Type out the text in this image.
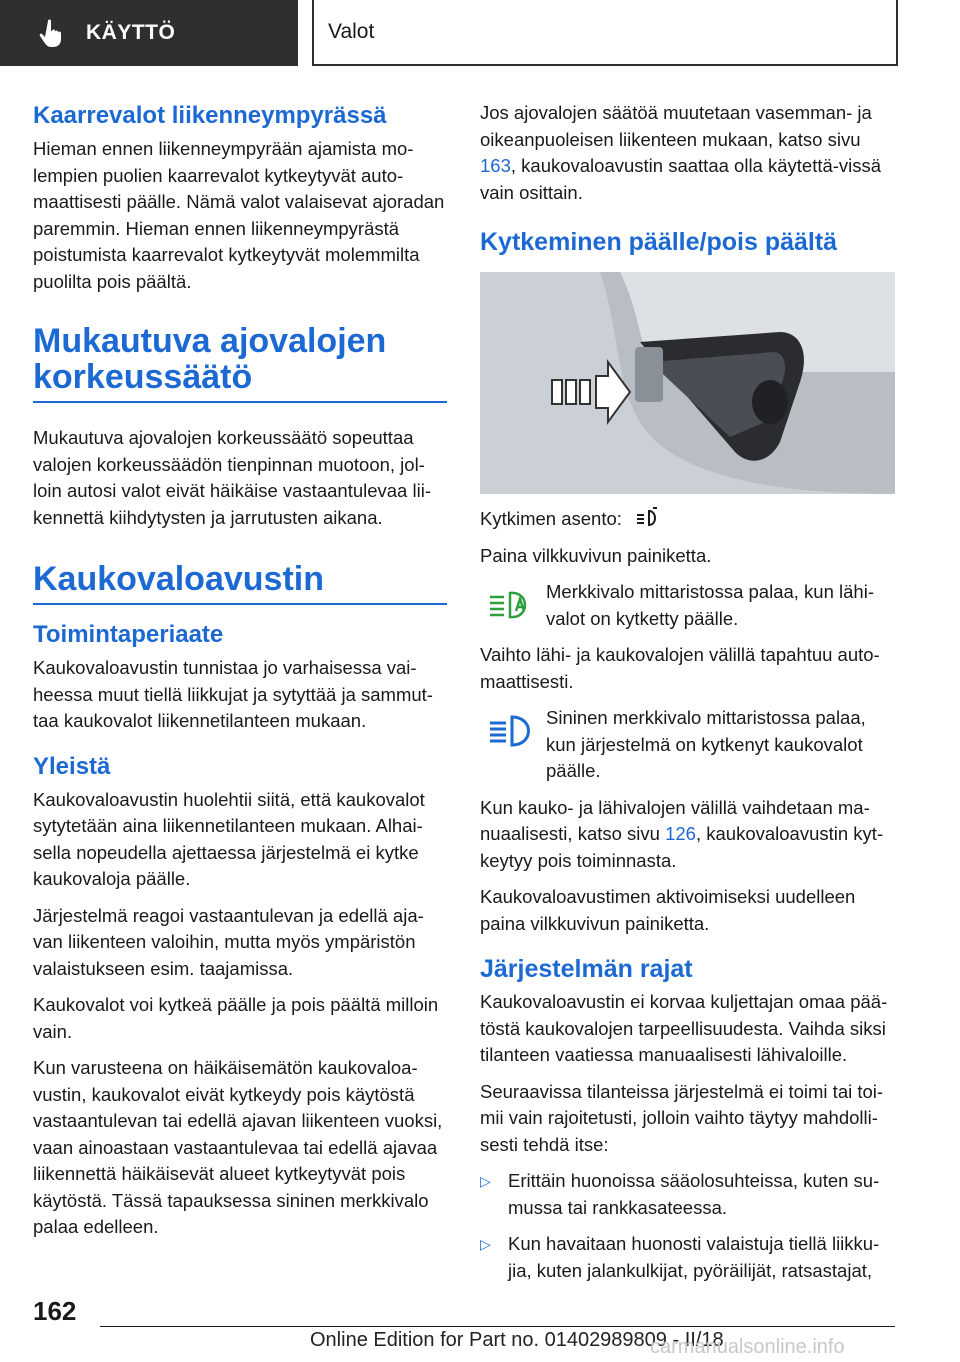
KÄYTTÖ	Valot
Kaarrevalot liikenneympyrässä

Hieman ennen liikenneympyrään ajamista mo-lempien puolien kaarrevalot kytkeytyvät auto-maattisesti päälle. Nämä valot valaisevat ajoradan paremmin. Hieman ennen liikenneympyrästä poistumista kaarrevalot kytkeytyvät molemmilta puolilta pois päältä.

Mukautuva ajovalojen
korkeussäätö

Mukautuva ajovalojen korkeussäätö sopeuttaa valojen korkeussäädön tienpinnan muotoon, jol-loin autosi valot eivät häikäise vastaantulevaa lii-kennettä kiihdytysten ja jarrutusten aikana.

Kaukovaloavustin
Toimintaperiaate

Kaukovaloavustin tunnistaa jo varhaisessa vai-heessa muut tiellä liikkujat ja sytyttää ja sammut-taa kaukovalot liikennetilanteen mukaan.

Yleistä

Kaukovaloavustin huolehtii siitä, että kaukovalot sytytetään aina liikennetilanteen mukaan. Alhai-sella nopeudella ajettaessa järjestelmä ei kytke kaukovaloja päälle.

Järjestelmä reagoi vastaantulevan ja edellä aja-van liikenteen valoihin, mutta myös ympäristön valaistukseen esim. taajamissa.

Kaukovalot voi kytkeä päälle ja pois päältä milloin vain.

Kun varusteena on häikäisemätön kaukovaloa-vustin, kaukovalot eivät kytkeydy pois käytöstä vastaantulevan tai edellä ajavan liikenteen vuoksi, vaan ainoastaan vastaantulevaa tai edellä ajavaa liikennettä häikäisevät alueet kytkeytyvät pois käytöstä. Tässä tapauksessa sininen merkkivalo palaa edelleen.

Jos ajovalojen säätöä muutetaan vasemman- ja oikeanpuoleisen liikenteen mukaan, katso sivu 163, kaukovaloavustin saattaa olla käytettä-vissä vain osittain.

Kytkeminen päälle/pois päältä

Kytkimen asento:

Paina vilkkuvivun painiketta.

Merkkivalo mittaristossa palaa, kun lähi-valot on kytketty päälle.

Vaihto lähi- ja kaukovalojen välillä tapahtuu auto-maattisesti.

Sininen merkkivalo mittaristossa palaa, kun järjestelmä on kytkenyt kaukovalot päälle.

Kun kauko- ja lähivalojen välillä vaihdetaan ma-nuaalisesti, katso sivu 126, kaukovaloavustin kyt-keytyy pois toiminnasta.

Kaukovaloavustimen aktivoimiseksi uudelleen paina vilkkuvivun painiketta.

Järjestelmän rajat

Kaukovaloavustin ei korvaa kuljettajan omaa pää-töstä kaukovalojen tarpeellisuudesta. Vaihda siksi tilanteen vaatiessa manuaalisesti lähivaloille.

Seuraavissa tilanteissa järjestelmä ei toimi tai toi-mii vain rajoitetusti, jolloin vaihto täytyy mahdolli-sesti tehdä itse:

▷ Erittäin huonoissa sääolosuhteissa, kuten su-mussa tai rankkasateessa.
▷ Kun havaitaan huonosti valaistuja tiellä liikku-jia, kuten jalankulkijat, pyöräilijät, ratsastajat,
162
Online Edition for Part no. 01402989809 - II/18
carmanualsonline.info
